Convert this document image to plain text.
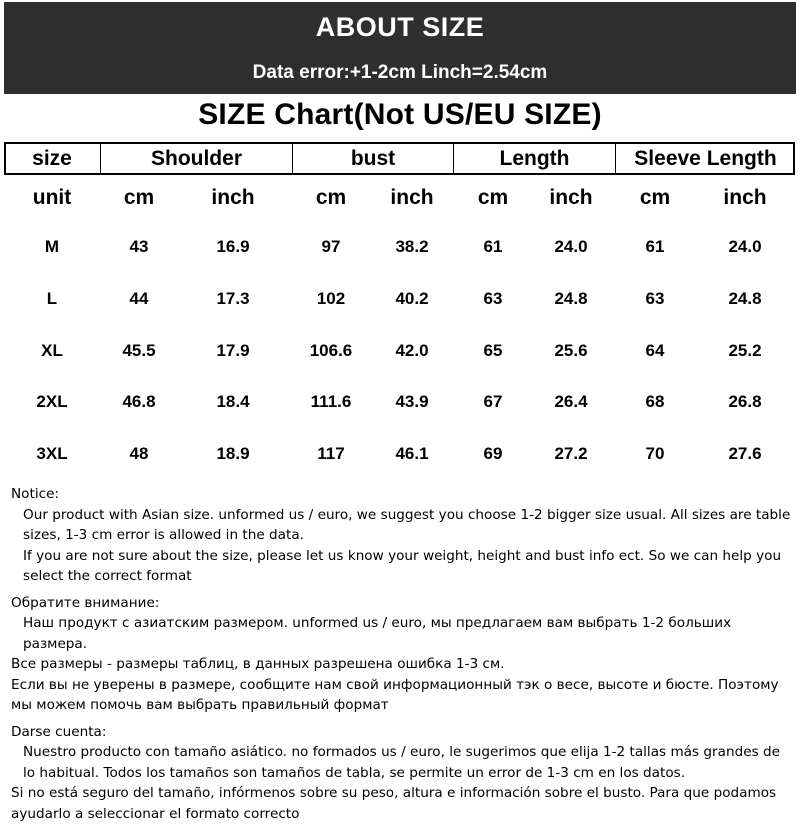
ABOUT SIZE
Data error:+1-2cm Linch=2.54cm
SIZE Chart(Not US/EU SIZE)
size	Shoulder	bust	Length	Sleeve Length
unit	cm	inch	cm	inch	cm	inch	cm	inch
M	43	16.9	97	38.2	61	24.0	61	24.0
L	44	17.3	102	40.2	63	24.8	63	24.8
XL	45.5	17.9	106.6	42.0	65	25.6	64	25.2
2XL	46.8	18.4	111.6	43.9	67	26.4	68	26.8
3XL	48	18.9	117	46.1	69	27.2	70	27.6

Notice:

Our product with Asian size. unformed us / euro, we suggest you choose 1-2 bigger size usual. All sizes are table sizes, 1-3 cm error is allowed in the data.

If you are not sure about the size, please let us know your weight, height and bust info ect. So we can help you select the correct format

Обратите внимание:

Наш продукт с азиатским размером. unformed us / euro, мы предлагаем вам выбрать 1-2 больших размера.

Все размеры - размеры таблиц, в данных разрешена ошибка 1-3 см.

Если вы не уверены в размере, сообщите нам свой информационный тэк о весе, высоте и бюсте. Поэтому мы можем помочь вам выбрать правильный формат

Darse cuenta:

Nuestro producto con tamaño asiático. no formados us / euro, le sugerimos que elija 1-2 tallas más grandes de lo habitual. Todos los tamaños son tamaños de tabla, se permite un error de 1-3 cm en los datos.

Si no está seguro del tamaño, infórmenos sobre su peso, altura e información sobre el busto. Para que podamos ayudarlo a seleccionar el formato correcto
